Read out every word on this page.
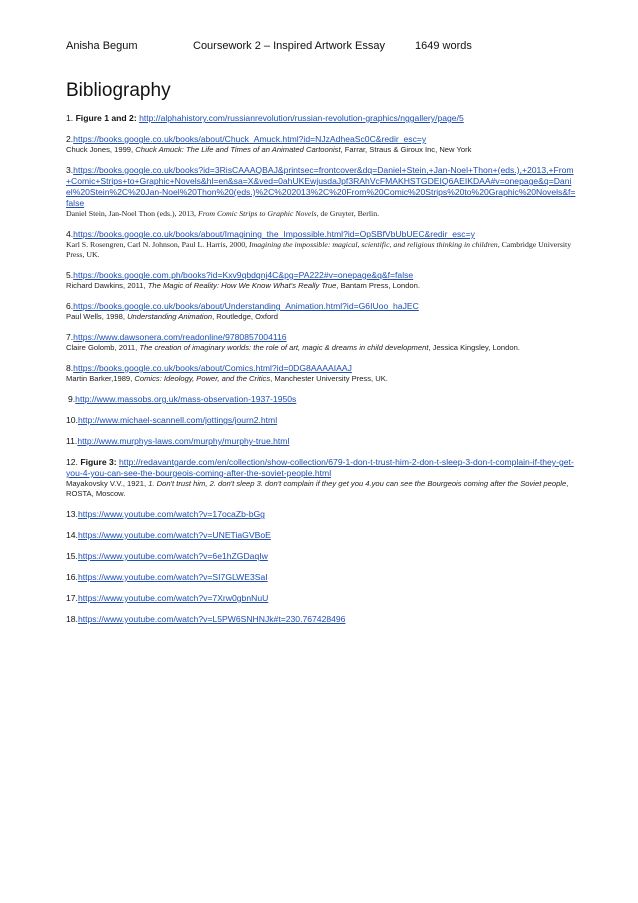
Anisha Begum	Coursework 2 – Inspired Artwork Essay	1649 words
Bibliography
1. Figure 1 and 2: http://alphahistory.com/russianrevolution/russian-revolution-graphics/nggallery/page/5
2.https://books.google.co.uk/books/about/Chuck_Amuck.html?id=NJzAdheaSc0C&redir_esc=y
Chuck Jones, 1999, Chuck Amuck: The Life and Times of an Animated Cartoonist, Farrar, Straus & Giroux Inc, New York
3.https://books.google.co.uk/books?id=3RisCAAAQBAJ&printsec=frontcover&dq=Daniel+Stein,+Jan-Noel+Thon+(eds.),+2013,+From+Comic+Strips+to+Graphic+Novels&hl=en&sa=X&ved=0ahUKEwjusdaJpf3RAhVcFMAKHSTGDEIQ6AEIKDAA#v=onepage&q=Daniel%20Stein%2C%20Jan-Noel%20Thon%20(eds.)%2C%202013%2C%20From%20Comic%20Strips%20to%20Graphic%20Novels&f=false
Daniel Stein, Jan-Noel Thon (eds.), 2013, From Comic Strips to Graphic Novels, de Gruyter, Berlin.
4.https://books.google.co.uk/books/about/Imagining_the_Impossible.html?id=OpSBfVbUbUEC&redir_esc=y
Karl S. Rosengren, Carl N. Johnson, Paul L. Harris, 2000, Imagining the impossible: magical, scientific, and religious thinking in children, Cambridge University Press, UK.
5.https://books.google.com.ph/books?id=Kxv9qbdqnj4C&pg=PA222#v=onepage&q&f=false
Richard Dawkins, 2011, The Magic of Reality: How We Know What’s Really True, Bantam Press, London.
6.https://books.google.co.uk/books/about/Understanding_Animation.html?id=G6IUoo_haJEC
Paul Wells, 1998, Understanding Animation, Routledge, Oxford
7.https://www.dawsonera.com/readonline/9780857004116
Claire Golomb, 2011, The creation of imaginary worlds: the role of art, magic & dreams in child development, Jessica Kingsley, London.
8.https://books.google.co.uk/books/about/Comics.html?id=0DG8AAAAIAAJ
Martin Barker,1989, Comics: Ideology, Power, and the Critics, Manchester University Press, UK.
9.http://www.massobs.org.uk/mass-observation-1937-1950s
10.http://www.michael-scannell.com/jottings/journ2.html
11.http://www.murphys-laws.com/murphy/murphy-true.html
12. Figure 3: http://redavantgarde.com/en/collection/show-collection/679-1-don-t-trust-him-2-don-t-sleep-3-don-t-complain-if-they-get-you-4-you-can-see-the-bourgeois-coming-after-the-soviet-people.html
Mayakovsky V.V., 1921, 1. Don't trust him, 2. don't sleep 3. don't complain if they get you 4.you can see the Bourgeois coming after the Soviet people, ROSTA, Moscow.
13.https://www.youtube.com/watch?v=17ocaZb-bGg
14.https://www.youtube.com/watch?v=UNETiaGVBoE
15.https://www.youtube.com/watch?v=6e1hZGDaqIw
16.https://www.youtube.com/watch?v=SI7GLWE3SaI
17.https://www.youtube.com/watch?v=7Xrw0gbnNuU
18.https://www.youtube.com/watch?v=L5PW6SNHNJk#t=230.767428496
